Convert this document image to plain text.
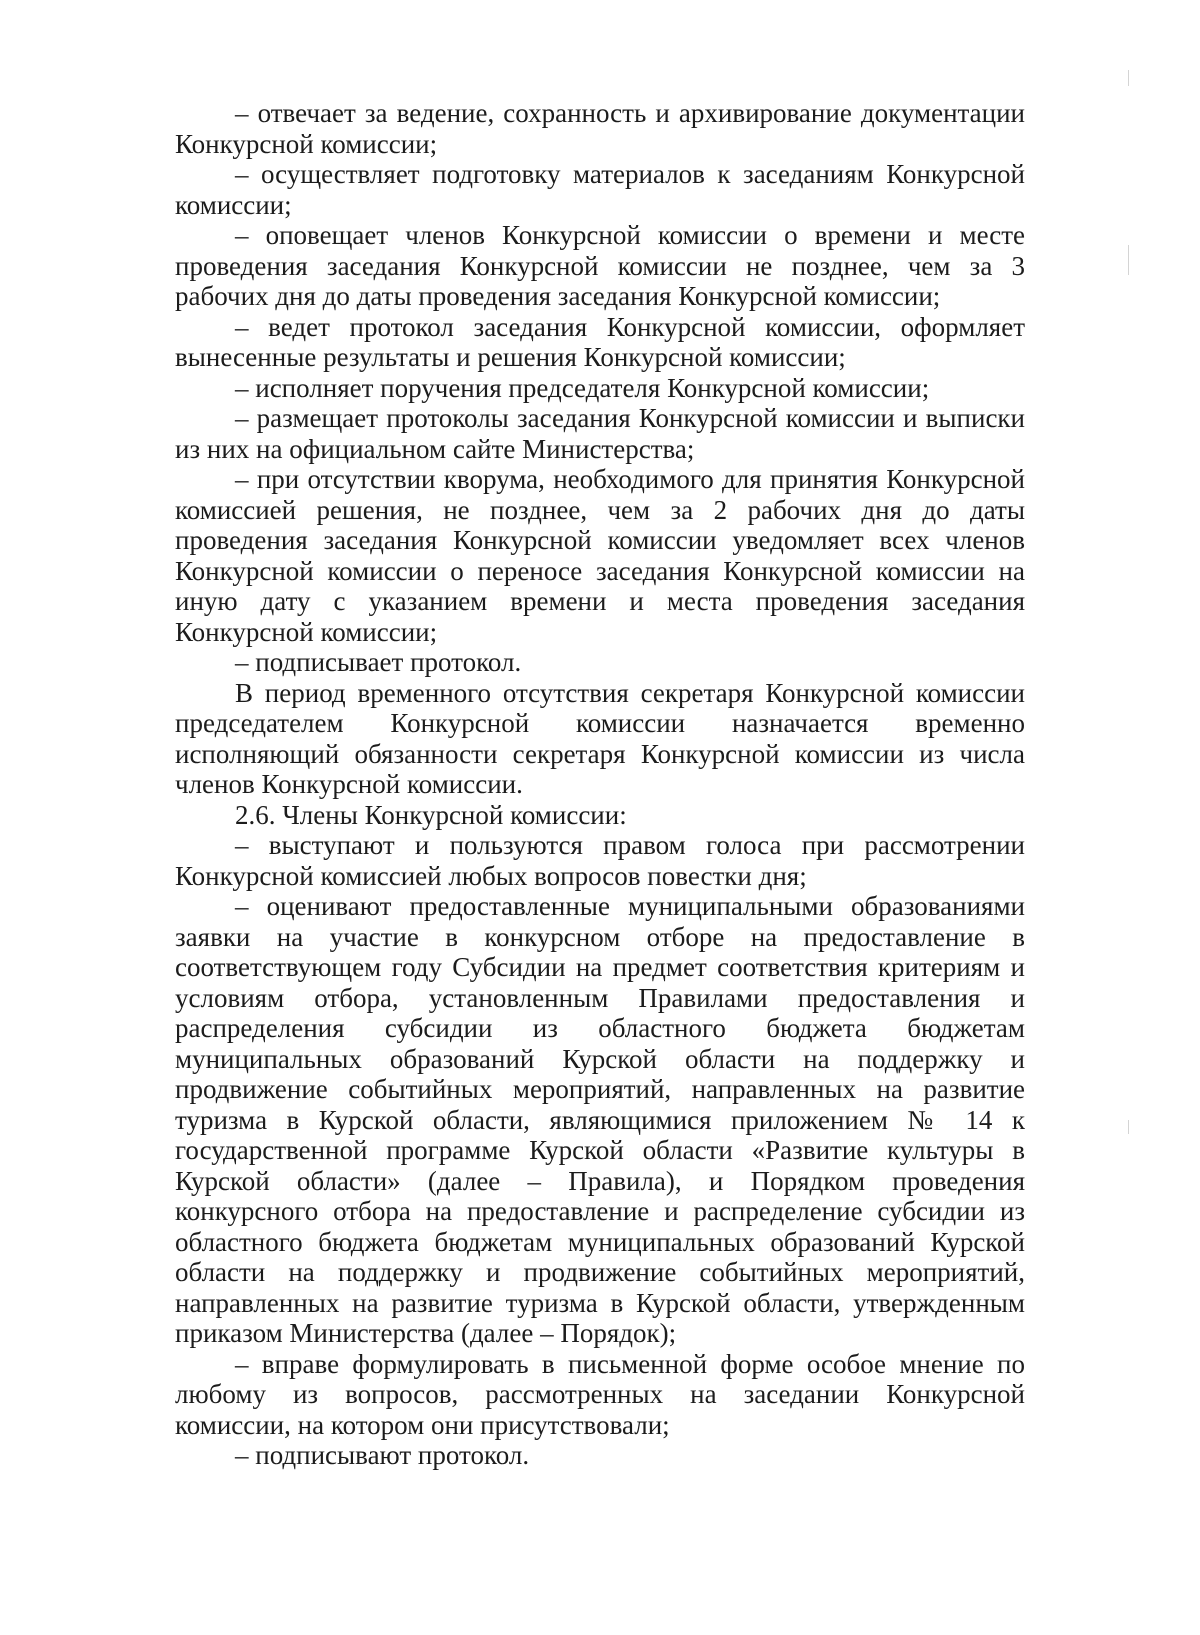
– отвечает за ведение, сохранность и архивирование документации Конкурсной комиссии;

– осуществляет подготовку материалов к заседаниям Конкурсной комиссии;

– оповещает членов Конкурсной комиссии о времени и месте проведения заседания Конкурсной комиссии не позднее, чем за 3 рабочих дня до даты проведения заседания Конкурсной комиссии;

– ведет протокол заседания Конкурсной комиссии, оформляет вынесенные результаты и решения Конкурсной комиссии;

– исполняет поручения председателя Конкурсной комиссии;

– размещает протоколы заседания Конкурсной комиссии и выписки из них на официальном сайте Министерства;

– при отсутствии кворума, необходимого для принятия Конкурсной комиссией решения, не позднее, чем за 2 рабочих дня до даты проведения заседания Конкурсной комиссии уведомляет всех членов Конкурсной комиссии о переносе заседания Конкурсной комиссии на иную дату с указанием времени и места проведения заседания Конкурсной комиссии;

– подписывает протокол.

В период временного отсутствия секретаря Конкурсной комиссии председателем Конкурсной комиссии назначается временно исполняющий обязанности секретаря Конкурсной комиссии из числа членов Конкурсной комиссии.

2.6. Члены Конкурсной комиссии:

– выступают и пользуются правом голоса при рассмотрении Конкурсной комиссией любых вопросов повестки дня;

– оценивают предоставленные муниципальными образованиями заявки на участие в конкурсном отборе на предоставление в соответствующем году Субсидии на предмет соответствия критериям и условиям отбора, установленным Правилами предоставления и распределения субсидии из областного бюджета бюджетам муниципальных образований Курской области на поддержку и продвижение событийных мероприятий, направленных на развитие туризма в Курской области, являющимися приложением № 14 к государственной программе Курской области «Развитие культуры в Курской области» (далее – Правила), и Порядком проведения конкурсного отбора на предоставление и распределение субсидии из областного бюджета бюджетам муниципальных образований Курской области на поддержку и продвижение событийных мероприятий, направленных на развитие туризма в Курской области, утвержденным приказом Министерства (далее – Порядок);

– вправе формулировать в письменной форме особое мнение по любому из вопросов, рассмотренных на заседании Конкурсной комиссии, на котором они присутствовали;

– подписывают протокол.
